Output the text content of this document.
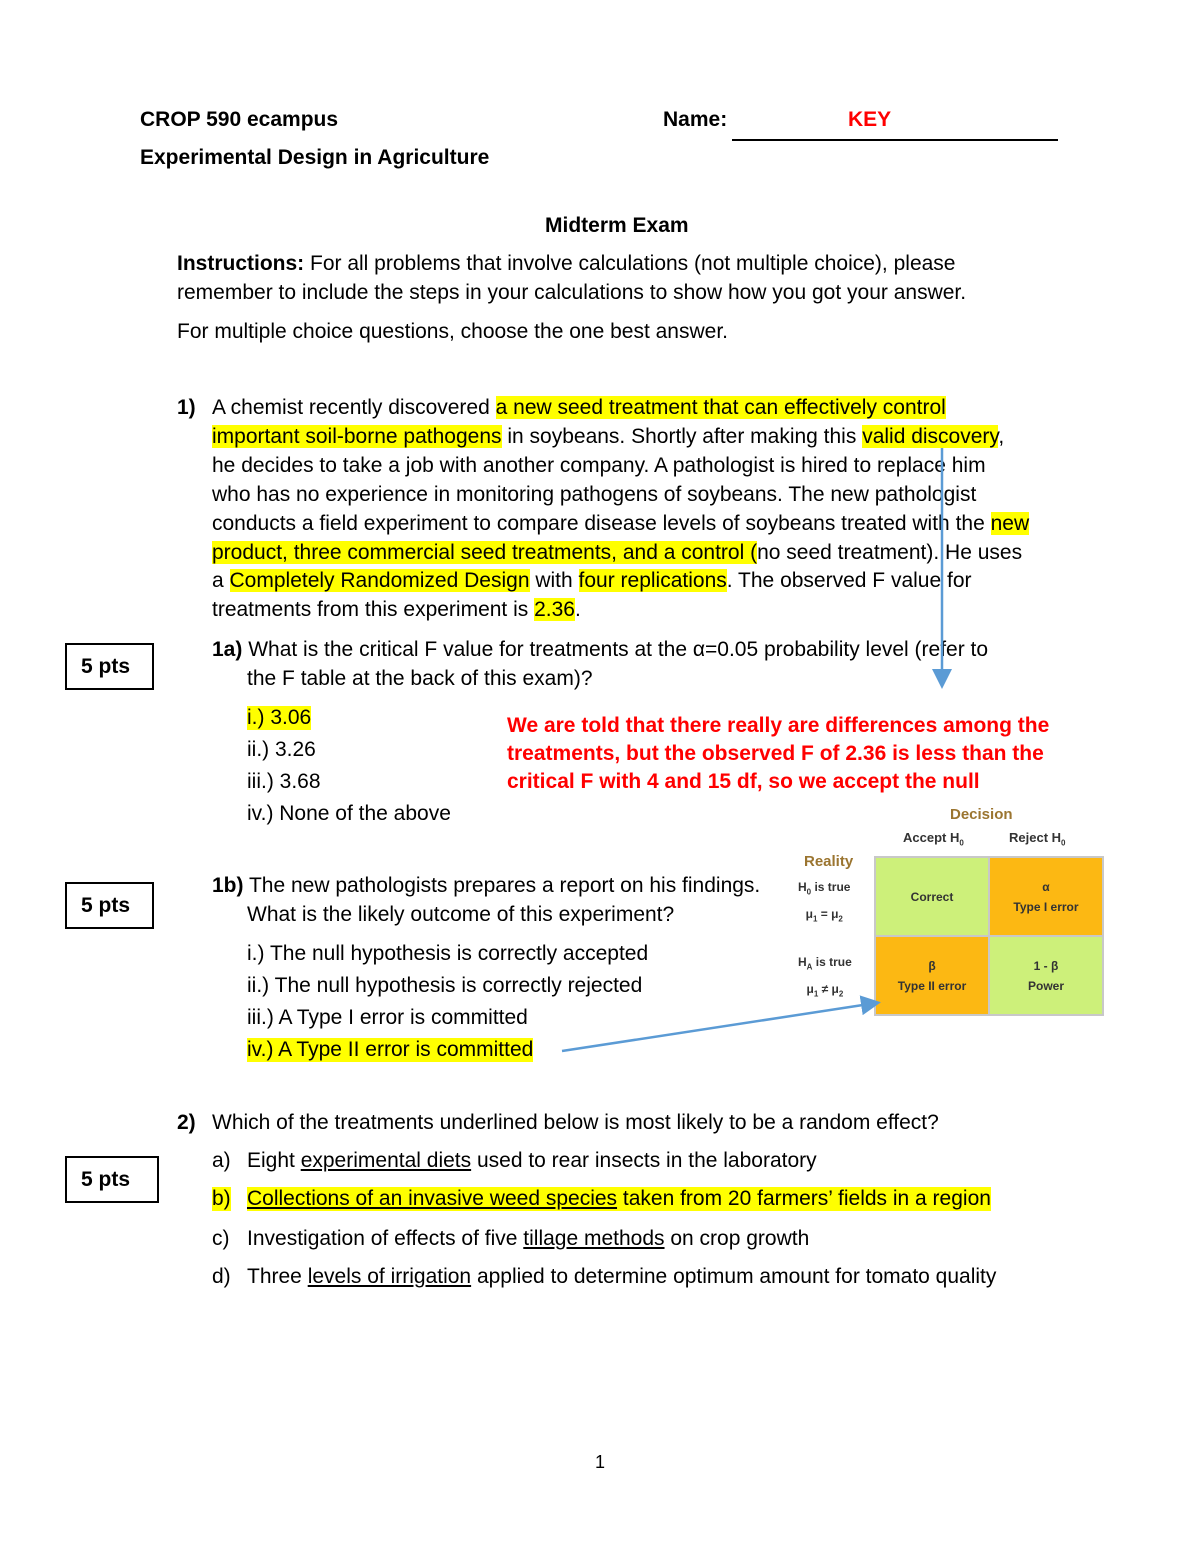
CROP 590 ecampus
Experimental Design in Agriculture
Name:	KEY
Midterm Exam
Instructions: For all problems that involve calculations (not multiple choice), please
remember to include the steps in your calculations to show how you got your answer.
For multiple choice questions, choose the one best answer.
5 pts
5 pts
5 pts
1) A chemist recently discovered a new seed treatment that can effectively control
important soil-borne pathogens in soybeans. Shortly after making this valid discovery,
he decides to take a job with another company. A pathologist is hired to replace him
who has no experience in monitoring pathogens of soybeans. The new pathologist
conducts a field experiment to compare disease levels of soybeans treated with the new
product, three commercial seed treatments, and a control (no seed treatment). He uses
a Completely Randomized Design with four replications. The observed F value for
treatments from this experiment is 2.36.
1a) What is the critical F value for treatments at the α=0.05 probability level (refer to
the F table at the back of this exam)?
i.) 3.06
ii.) 3.26
iii.) 3.68
iv.) None of the above
We are told that there really are differences among the
treatments, but the observed F of 2.36 is less than the
critical F with 4 and 15 df, so we accept the null
Decision
Accept $H_0$	Reject $H_0$
Reality
$H_0$ is true
$\mu_1 = \mu_2$
$H_A$ is true
$\mu_1 \ne \mu_2$
Correct
α
Type I error
β
Type II error
1 - β
Power
1b) The new pathologists prepares a report on his findings.
What is the likely outcome of this experiment?
i.) The null hypothesis is correctly accepted
ii.) The null hypothesis is correctly rejected
iii.) A Type I error is committed
iv.) A Type II error is committed
2) Which of the treatments underlined below is most likely to be a random effect?
a) Eight experimental diets used to rear insects in the laboratory
b) Collections of an invasive weed species taken from 20 farmers’ fields in a region
c) Investigation of effects of five tillage methods on crop growth
d) Three levels of irrigation applied to determine optimum amount for tomato quality
1
